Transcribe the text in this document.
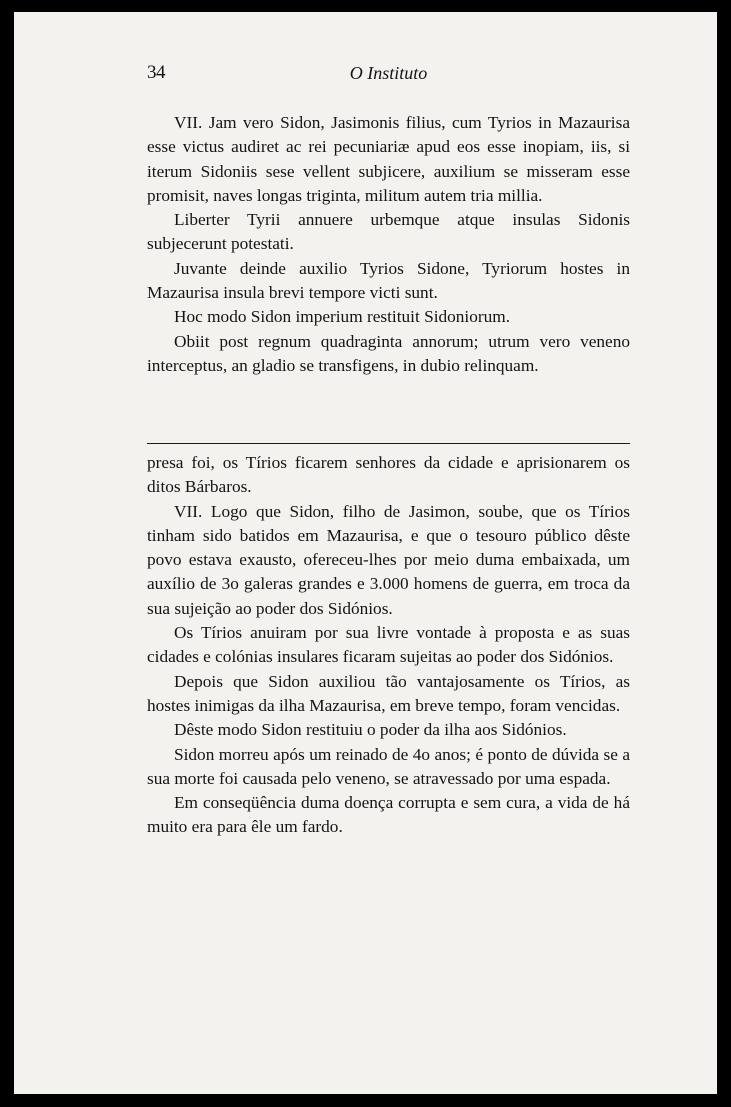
34	O Instituto

VII. Jam vero Sidon, Jasimonis filius, cum Tyrios in Mazaurisa esse victus audiret ac rei pecuniariæ apud eos esse inopiam, iis, si iterum Sidoniis sese vellent subjicere, auxilium se misseram esse promisit, naves longas triginta, militum autem tria millia.

Liberter Tyrii annuere urbemque atque insulas Sidonis subjecerunt potestati.

Juvante deinde auxilio Tyrios Sidone, Tyriorum hostes in Mazaurisa insula brevi tempore victi sunt.

Hoc modo Sidon imperium restituit Sidoniorum.

Obiit post regnum quadraginta annorum; utrum vero veneno interceptus, an gladio se transfigens, in dubio relinquam.

presa foi, os Tírios ficarem senhores da cidade e aprisionarem os ditos Bárbaros.

VII. Logo que Sidon, filho de Jasimon, soube, que os Tírios tinham sido batidos em Mazaurisa, e que o tesouro público dêste povo estava exausto, ofereceu-lhes por meio duma embaixada, um auxílio de 3o galeras grandes e 3.000 homens de guerra, em troca da sua sujeição ao poder dos Sidónios.

Os Tírios anuiram por sua livre vontade à proposta e as suas cidades e colónias insulares ficaram sujeitas ao poder dos Sidónios.

Depois que Sidon auxiliou tão vantajosamente os Tírios, as hostes inimigas da ilha Mazaurisa, em breve tempo, foram vencidas.

Dêste modo Sidon restituiu o poder da ilha aos Sidónios.

Sidon morreu após um reinado de 4o anos; é ponto de dúvida se a sua morte foi causada pelo veneno, se atravessado por uma espada.

Em conseqüência duma doença corrupta e sem cura, a vida de há muito era para êle um fardo.
